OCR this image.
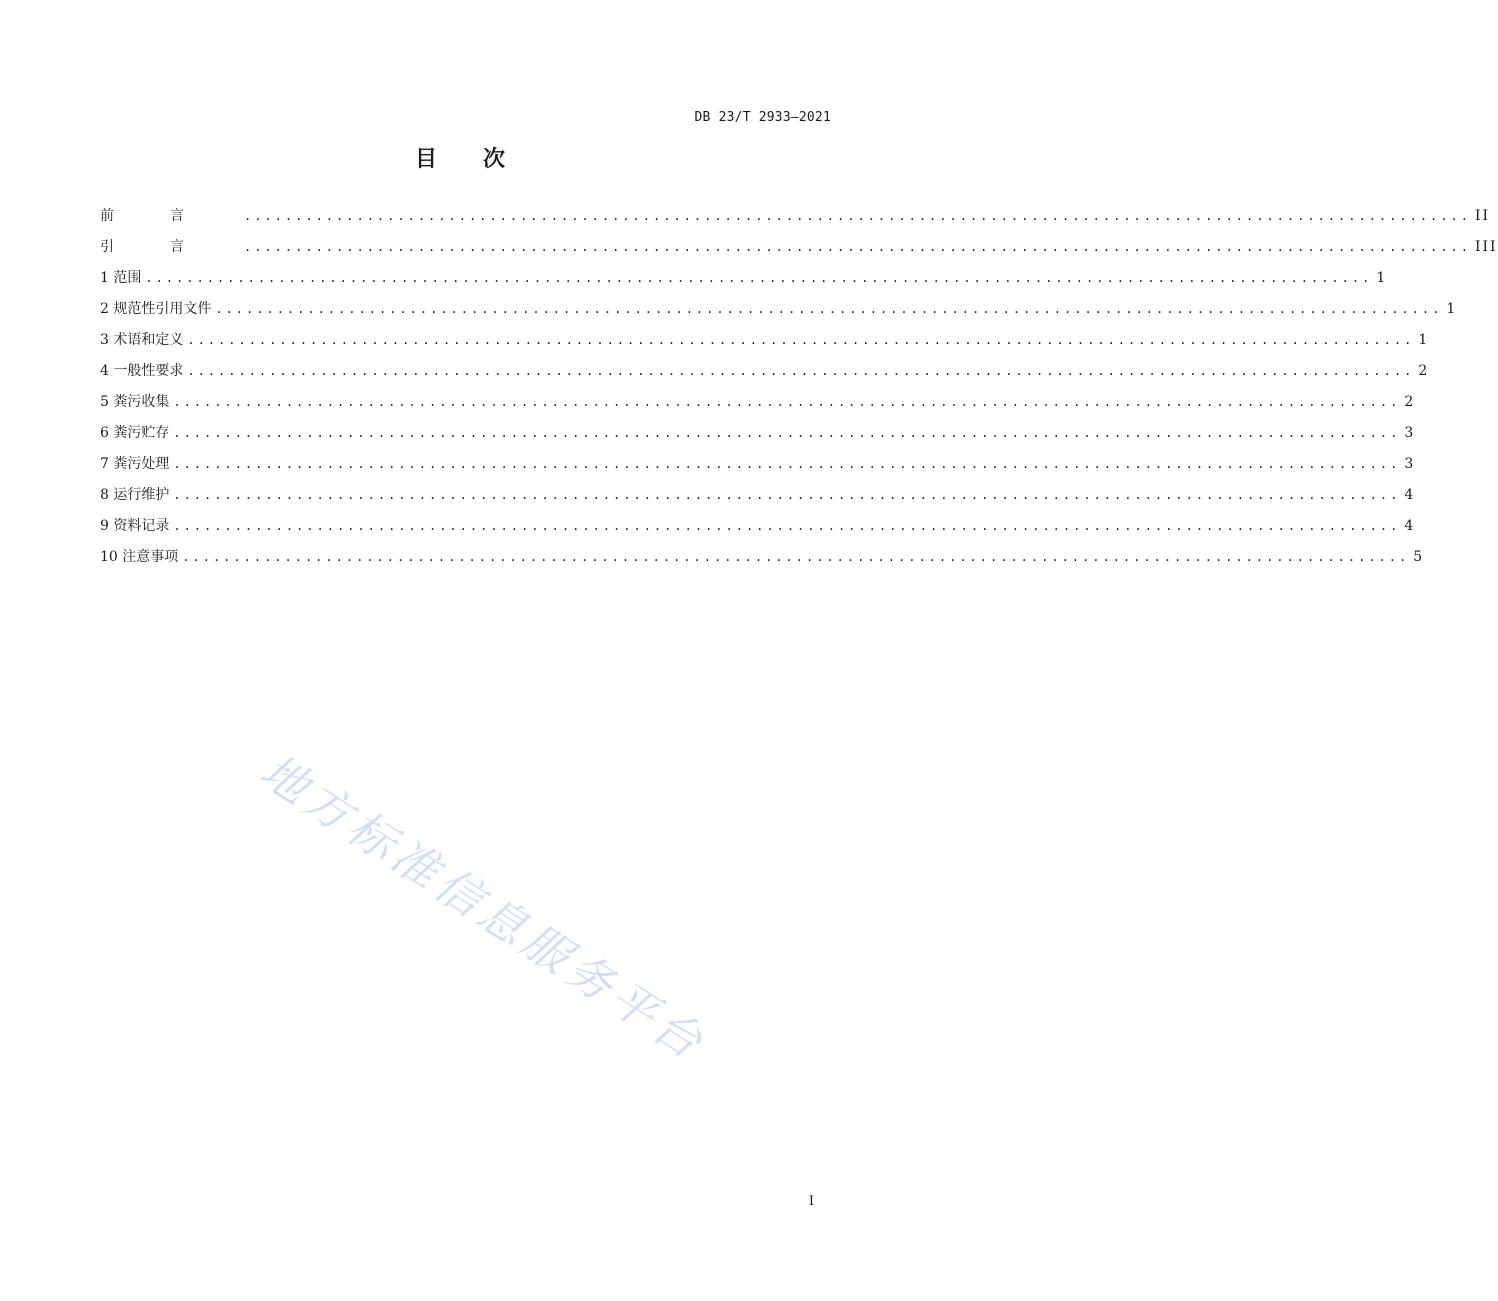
DB 23/T 2933—2021
目次
前言 ........................................................................................................................ II
引言 ........................................................................................................................ III
1 范围 ........................................................................................................................ 1
2 规范性引用文件 ........................................................................................................................ 1
3 术语和定义 ........................................................................................................................ 1
4 一般性要求 ........................................................................................................................ 2
5 粪污收集 ........................................................................................................................ 2
6 粪污贮存 ........................................................................................................................ 3
7 粪污处理 ........................................................................................................................ 3
8 运行维护 ........................................................................................................................ 4
9 资料记录 ........................................................................................................................ 4
10 注意事项 ........................................................................................................................ 5
地方标准信息服务平台
I
